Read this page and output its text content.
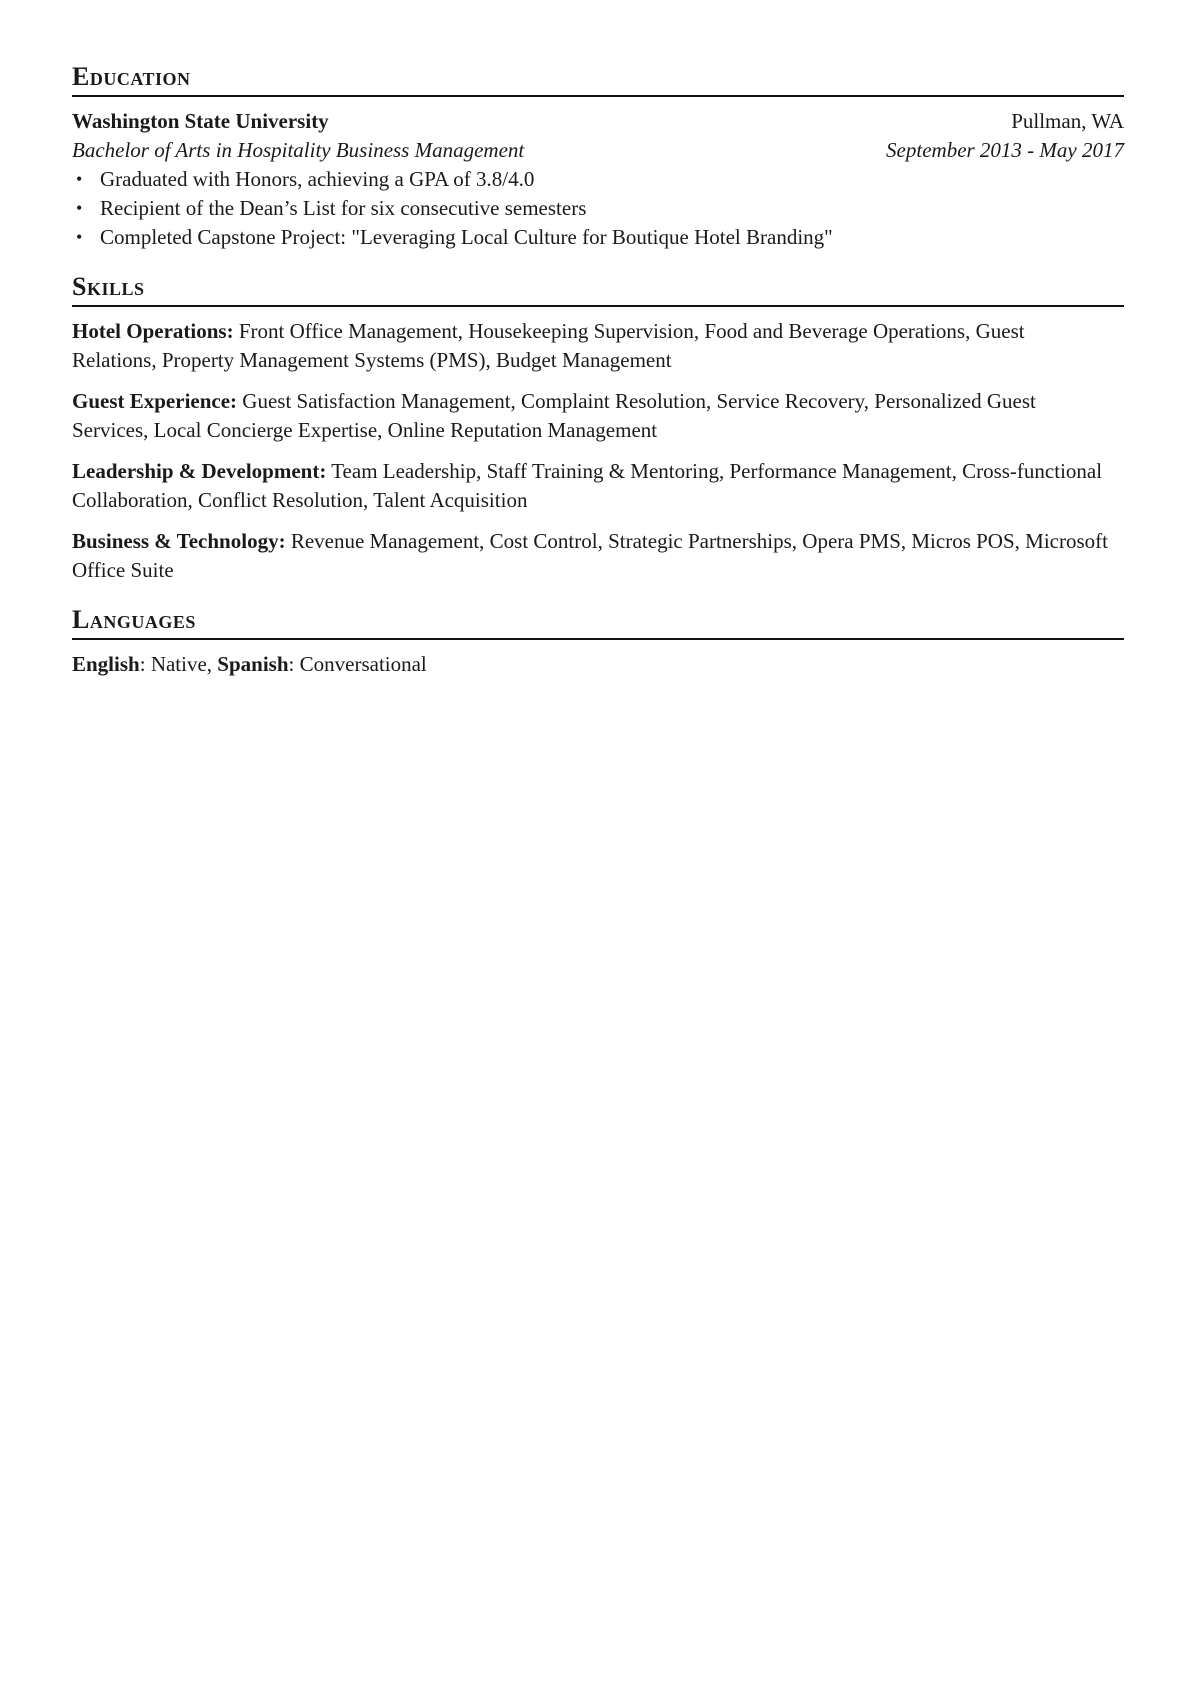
Education
Washington State University	Pullman, WA
Bachelor of Arts in Hospitality Business Management	September 2013 - May 2017
• Graduated with Honors, achieving a GPA of 3.8/4.0
• Recipient of the Dean’s List for six consecutive semesters
• Completed Capstone Project: "Leveraging Local Culture for Boutique Hotel Branding"
Skills
Hotel Operations: Front Office Management, Housekeeping Supervision, Food and Beverage Operations, Guest Relations, Property Management Systems (PMS), Budget Management
Guest Experience: Guest Satisfaction Management, Complaint Resolution, Service Recovery, Personalized Guest Services, Local Concierge Expertise, Online Reputation Management
Leadership & Development: Team Leadership, Staff Training & Mentoring, Performance Management, Cross-functional Collaboration, Conflict Resolution, Talent Acquisition
Business & Technology: Revenue Management, Cost Control, Strategic Partnerships, Opera PMS, Micros POS, Microsoft Office Suite
Languages
English: Native, Spanish: Conversational
